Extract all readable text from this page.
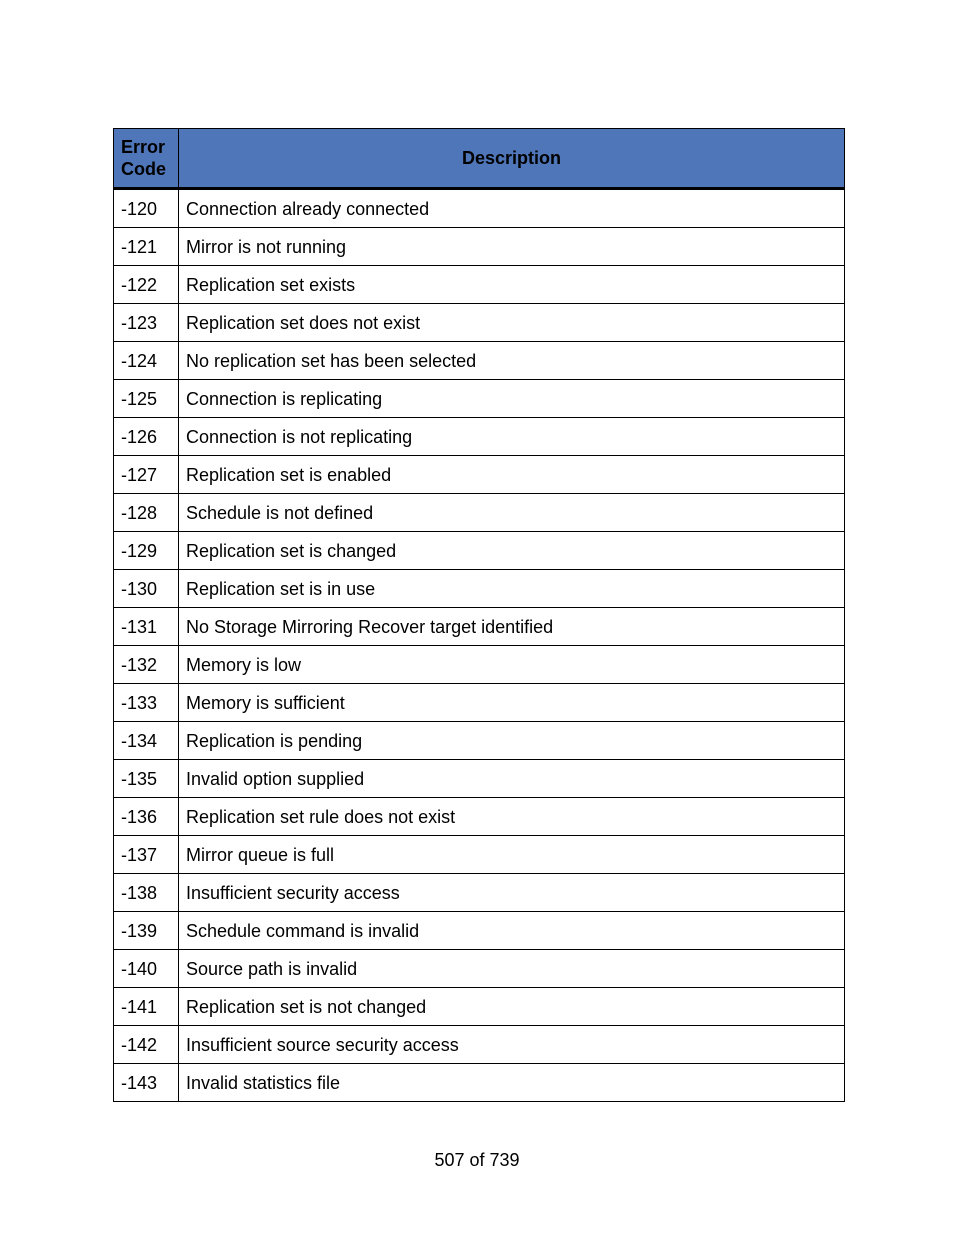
Error Code	Description
-120	Connection already connected
-121	Mirror is not running
-122	Replication set exists
-123	Replication set does not exist
-124	No replication set has been selected
-125	Connection is replicating
-126	Connection is not replicating
-127	Replication set is enabled
-128	Schedule is not defined
-129	Replication set is changed
-130	Replication set is in use
-131	No Storage Mirroring Recover target identified
-132	Memory is low
-133	Memory is sufficient
-134	Replication is pending
-135	Invalid option supplied
-136	Replication set rule does not exist
-137	Mirror queue is full
-138	Insufficient security access
-139	Schedule command is invalid
-140	Source path is invalid
-141	Replication set is not changed
-142	Insufficient source security access
-143	Invalid statistics file
507 of 739
